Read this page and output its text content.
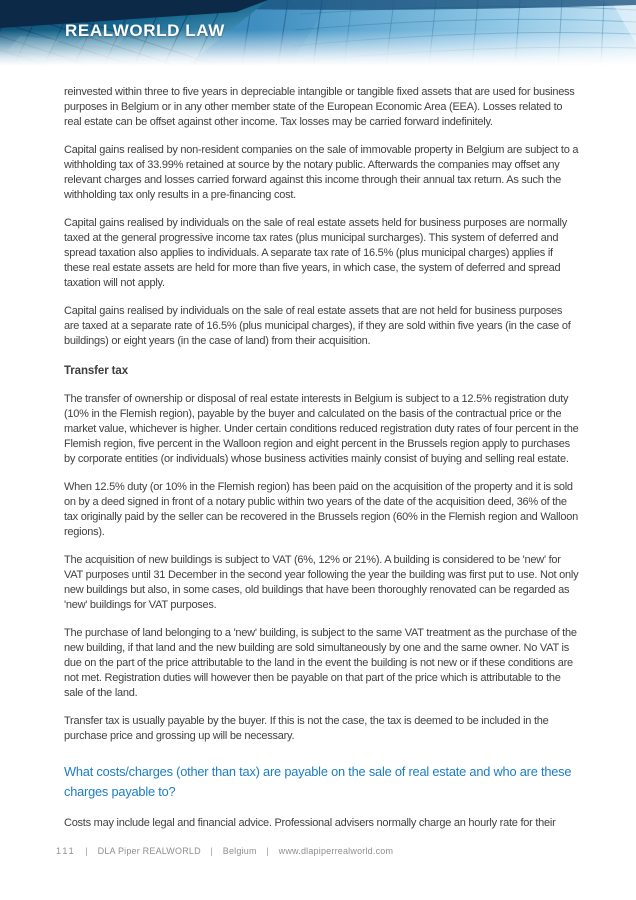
REALWORLD LAW

reinvested within three to five years in depreciable intangible or tangible fixed assets that are used for business purposes in Belgium or in any other member state of the European Economic Area (EEA). Losses related to real estate can be offset against other income. Tax losses may be carried forward indefinitely.

Capital gains realised by non-resident companies on the sale of immovable property in Belgium are subject to a withholding tax of 33.99% retained at source by the notary public. Afterwards the companies may offset any relevant charges and losses carried forward against this income through their annual tax return. As such the withholding tax only results in a pre-financing cost.

Capital gains realised by individuals on the sale of real estate assets held for business purposes are normally taxed at the general progressive income tax rates (plus municipal surcharges). This system of deferred and spread taxation also applies to individuals. A separate tax rate of 16.5% (plus municipal charges) applies if these real estate assets are held for more than five years, in which case, the system of deferred and spread taxation will not apply.

Capital gains realised by individuals on the sale of real estate assets that are not held for business purposes are taxed at a separate rate of 16.5% (plus municipal charges), if they are sold within five years (in the case of buildings) or eight years (in the case of land) from their acquisition.

Transfer tax

The transfer of ownership or disposal of real estate interests in Belgium is subject to a 12.5% registration duty (10% in the Flemish region), payable by the buyer and calculated on the basis of the contractual price or the market value, whichever is higher. Under certain conditions reduced registration duty rates of four percent in the Flemish region, five percent in the Walloon region and eight percent in the Brussels region apply to purchases by corporate entities (or individuals) whose business activities mainly consist of buying and selling real estate.

When 12.5% duty (or 10% in the Flemish region) has been paid on the acquisition of the property and it is sold on by a deed signed in front of a notary public within two years of the date of the acquisition deed, 36% of the tax originally paid by the seller can be recovered in the Brussels region (60% in the Flemish region and Walloon regions).

The acquisition of new buildings is subject to VAT (6%, 12% or 21%). A building is considered to be 'new' for VAT purposes until 31 December in the second year following the year the building was first put to use. Not only new buildings but also, in some cases, old buildings that have been thoroughly renovated can be regarded as 'new' buildings for VAT purposes.

The purchase of land belonging to a 'new' building, is subject to the same VAT treatment as the purchase of the new building, if that land and the new building are sold simultaneously by one and the same owner. No VAT is due on the part of the price attributable to the land in the event the building is not new or if these conditions are not met. Registration duties will however then be payable on that part of the price which is attributable to the sale of the land.

Transfer tax is usually payable by the buyer. If this is not the case, the tax is deemed to be included in the purchase price and grossing up will be necessary.

What costs/charges (other than tax) are payable on the sale of real estate and who are these charges payable to?

Costs may include legal and financial advice. Professional advisers normally charge an hourly rate for their

111 | DLA Piper REALWORLD | Belgium | www.dlapiperrealworld.com
